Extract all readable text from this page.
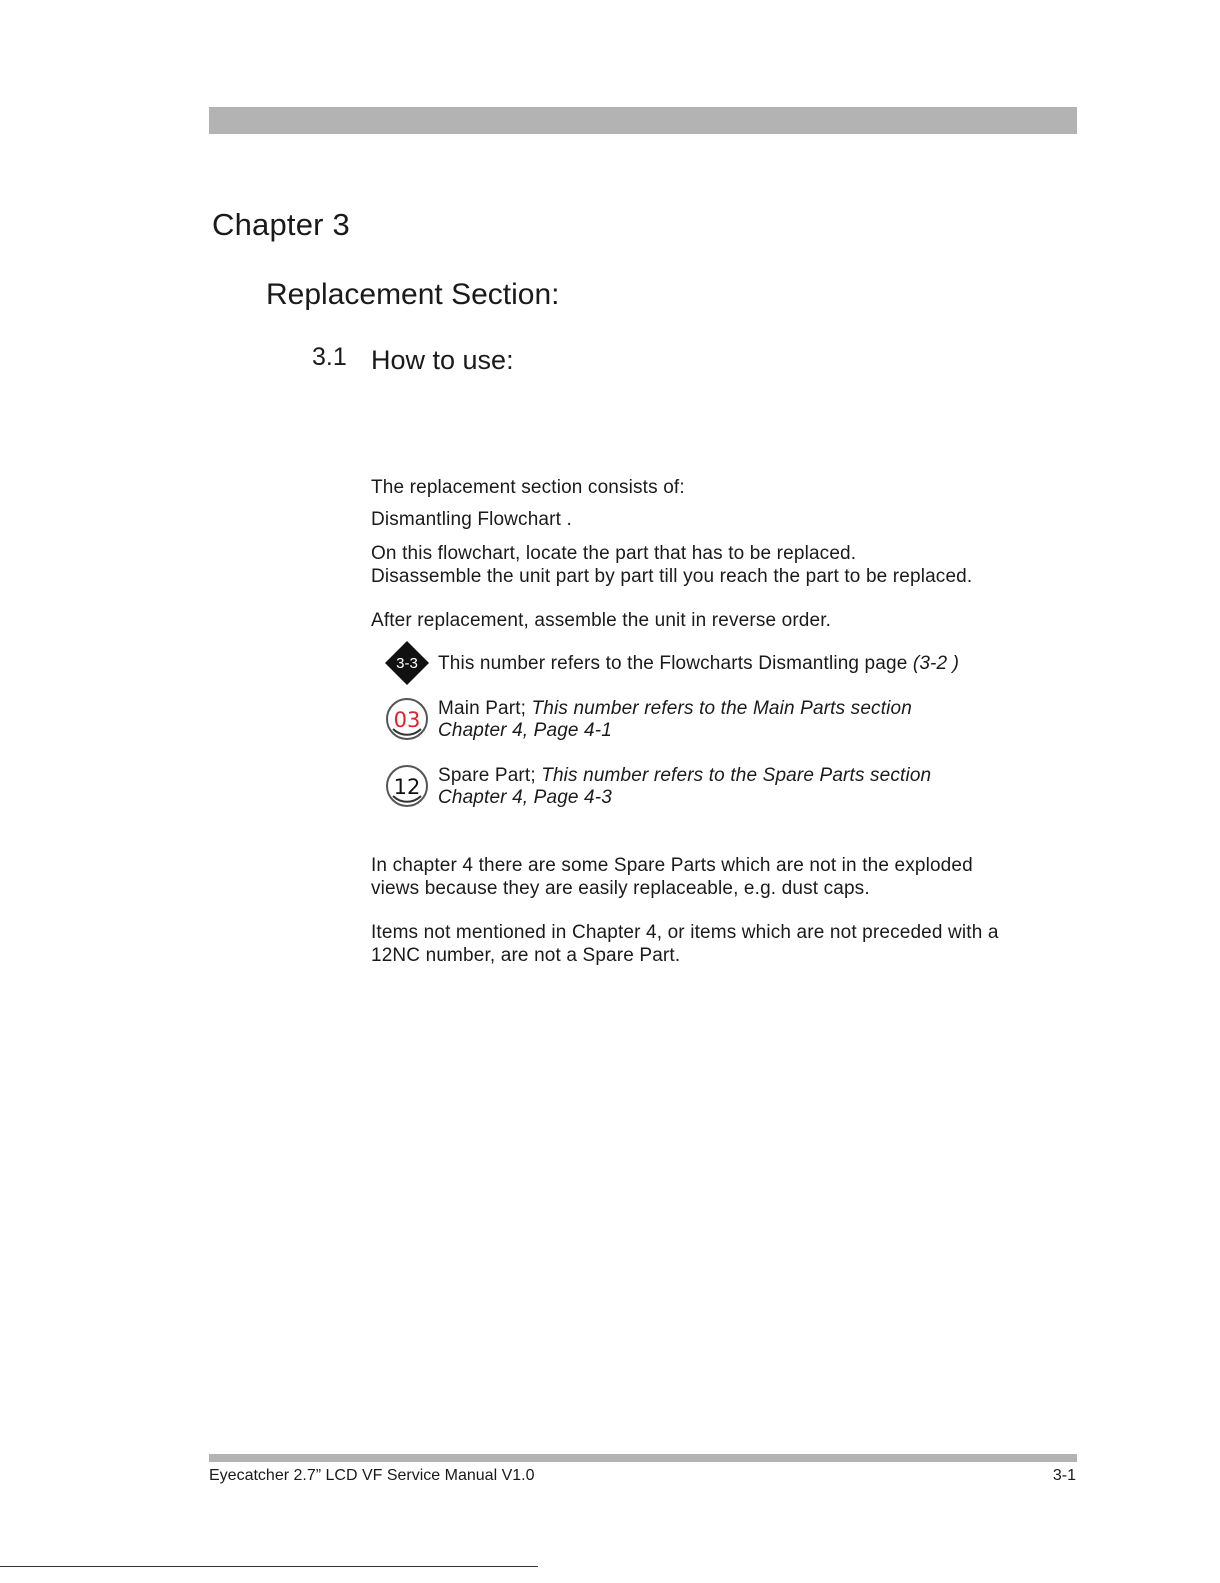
Chapter 3
Replacement Section:
3.1 How to use:
The replacement section consists of:
Dismantling Flowchart .
On this flowchart, locate the part that has to be replaced.
Disassemble the unit part by part till you reach the part to be replaced.
After replacement, assemble the unit in reverse order.
3-3 This number refers to the Flowcharts Dismantling page (3-2 )
03 Main Part; This number refers to the Main Parts section
Chapter 4, Page 4-1
12 Spare Part; This number refers to the Spare Parts section
Chapter 4, Page 4-3
In chapter 4 there are some Spare Parts which are not in the exploded
views because they are easily replaceable, e.g. dust caps.
Items not mentioned in Chapter 4, or items which are not preceded with a
12NC number, are not a Spare Part.
Eyecatcher 2.7” LCD VF Service Manual V1.0	3-1
